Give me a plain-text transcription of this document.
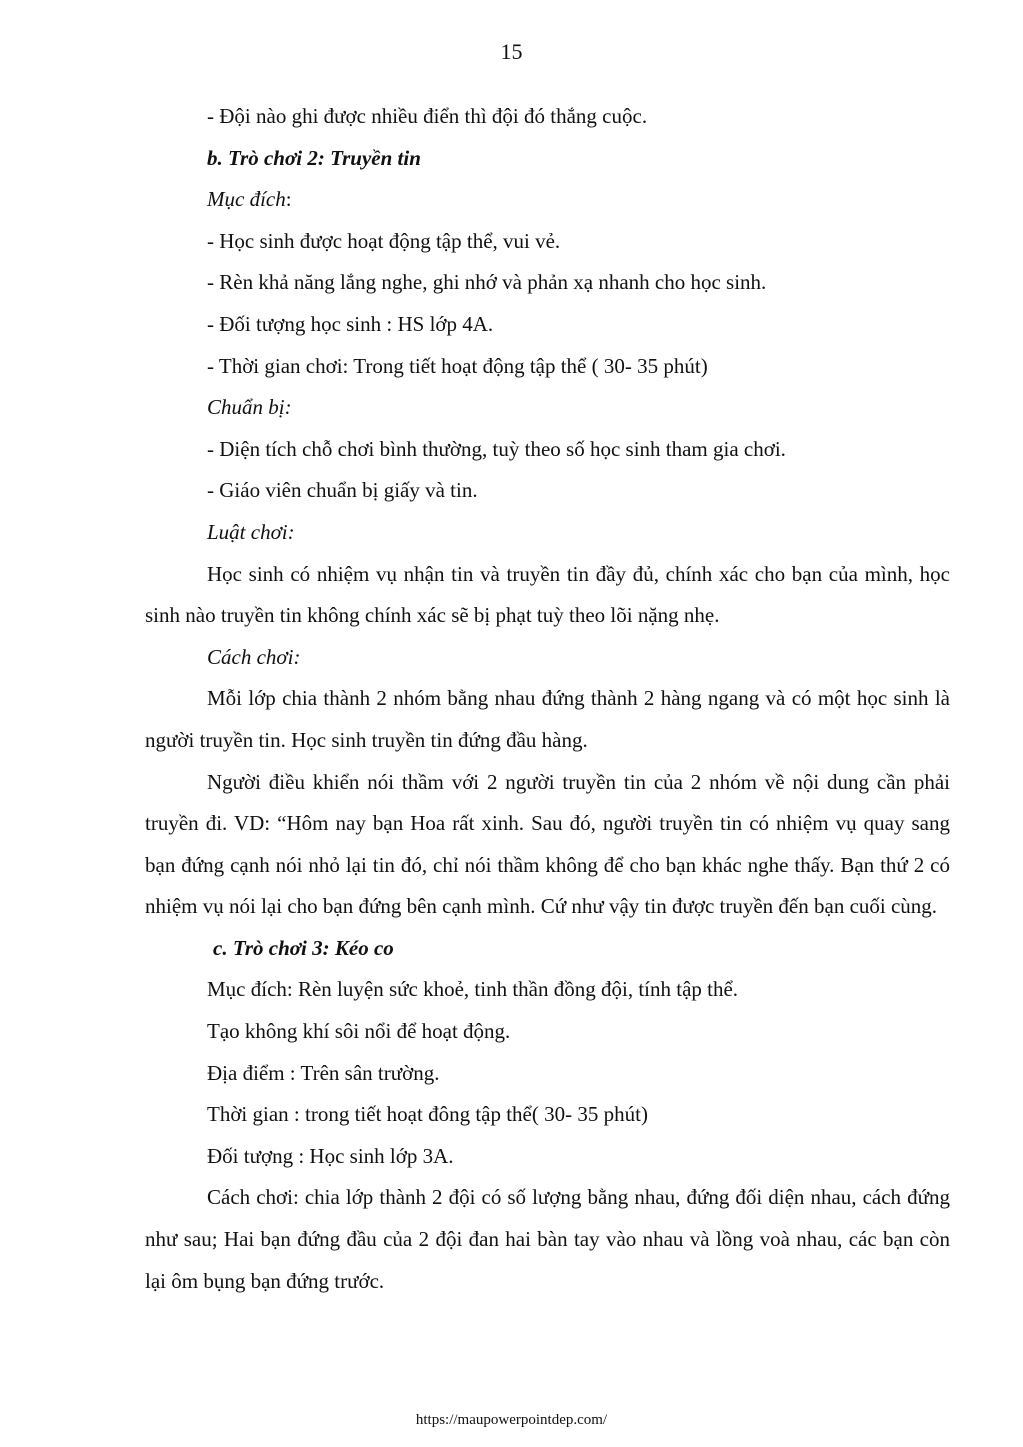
15

- Đội nào ghi được nhiều điển thì đội đó thắng cuộc.

b. Trò chơi 2: Truyền tin

Mục đích:

- Học sinh được hoạt động tập thể, vui vẻ.

- Rèn khả năng lắng nghe, ghi nhớ và phản xạ nhanh cho học sinh.

- Đối tượng học sinh : HS lớp 4A.

- Thời gian chơi: Trong tiết hoạt động tập thể ( 30- 35 phút)

Chuẩn bị:

- Diện tích chỗ chơi bình thường, tuỳ theo số học sinh tham gia chơi.

- Giáo viên chuẩn bị giấy và tin.

Luật chơi:

Học sinh có nhiệm vụ nhận tin và truyền tin đầy đủ, chính xác cho bạn của mình, học sinh nào truyền tin không chính xác sẽ bị phạt tuỳ theo lõi nặng nhẹ.

Cách chơi:

Mỗi lớp chia thành 2 nhóm bằng nhau đứng thành 2 hàng ngang và có một học sinh là người truyền tin. Học sinh truyền tin đứng đầu hàng.

Người điều khiển nói thầm với 2 người truyền tin của 2 nhóm về nội dung cần phải truyền đi. VD: “Hôm nay bạn Hoa rất xinh. Sau đó, người truyền tin có nhiệm vụ quay sang bạn đứng cạnh nói nhỏ lại tin đó, chỉ nói thầm không để cho bạn khác nghe thấy. Bạn thứ 2 có nhiệm vụ nói lại cho bạn đứng bên cạnh mình. Cứ như vậy tin được truyền đến bạn cuối cùng.

c. Trò chơi 3: Kéo co

Mục đích: Rèn luyện sức khoẻ, tinh thần đồng đội, tính tập thể.

Tạo không khí sôi nổi để hoạt động.

Địa điểm : Trên sân trường.

Thời gian : trong tiết hoạt đông tập thể( 30- 35 phút)

Đối tượng : Học sinh lớp 3A.

Cách chơi: chia lớp thành 2 đội có số lượng bằng nhau, đứng đối diện nhau, cách đứng như sau; Hai bạn đứng đầu của 2 đội đan hai bàn tay vào nhau và lồng voà nhau, các bạn còn lại ôm bụng bạn đứng trước.

https://maupowerpointdep.com/
